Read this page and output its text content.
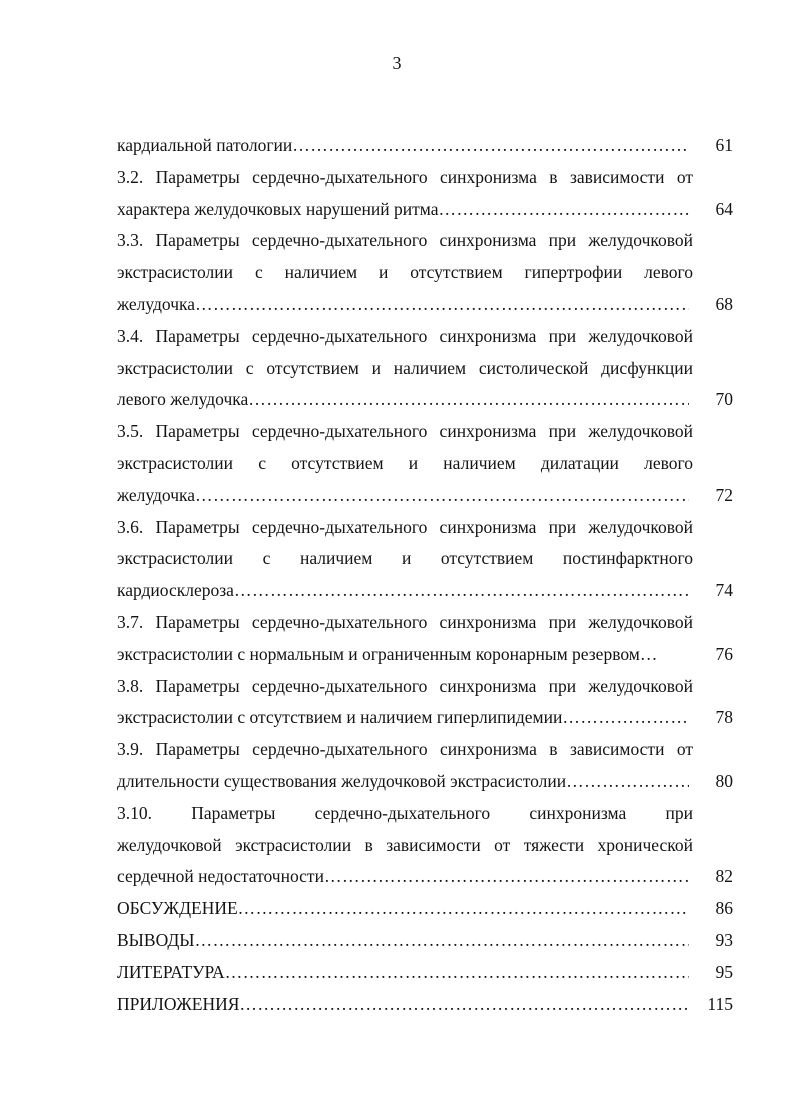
3
кардиальной патологии ……………………………………………………………………………………………………………………………………	61
3.2. Параметры сердечно-дыхательного синхронизма в зависимости от
характера желудочковых нарушений ритма ……………………………………………………………………………………………………………………………………	64
3.3. Параметры сердечно-дыхательного синхронизма при желудочковой
экстрасистолии с наличием и отсутствием гипертрофии левого
желудочка ……………………………………………………………………………………………………………………………………	68
3.4. Параметры сердечно-дыхательного синхронизма при желудочковой
экстрасистолии с отсутствием и наличием систолической дисфункции
левого желудочка ……………………………………………………………………………………………………………………………………	70
3.5. Параметры сердечно-дыхательного синхронизма при желудочковой
экстрасистолии с отсутствием и наличием дилатации левого
желудочка ……………………………………………………………………………………………………………………………………	72
3.6. Параметры сердечно-дыхательного синхронизма при желудочковой
экстрасистолии с наличием и отсутствием постинфарктного
кардиосклероза ……………………………………………………………………………………………………………………………………	74
3.7. Параметры сердечно-дыхательного синхронизма при желудочковой
экстрасистолии с нормальным и ограниченным коронарным резервом…	76
3.8. Параметры сердечно-дыхательного синхронизма при желудочковой
экстрасистолии с отсутствием и наличием гиперлипидемии ……………………………………………………………………………………………………………………………………	78
3.9. Параметры сердечно-дыхательного синхронизма в зависимости от
длительности существования желудочковой экстрасистолии ……………………………………………………………………………………………………………………………………	80
3.10. Параметры сердечно-дыхательного синхронизма при
желудочковой экстрасистолии в зависимости от тяжести хронической
сердечной недостаточности ……………………………………………………………………………………………………………………………………	82
ОБСУЖДЕНИЕ ……………………………………………………………………………………………………………………………………	86
ВЫВОДЫ ……………………………………………………………………………………………………………………………………	93
ЛИТЕРАТУРА ……………………………………………………………………………………………………………………………………	95
ПРИЛОЖЕНИЯ ……………………………………………………………………………………………………………………………………	115
